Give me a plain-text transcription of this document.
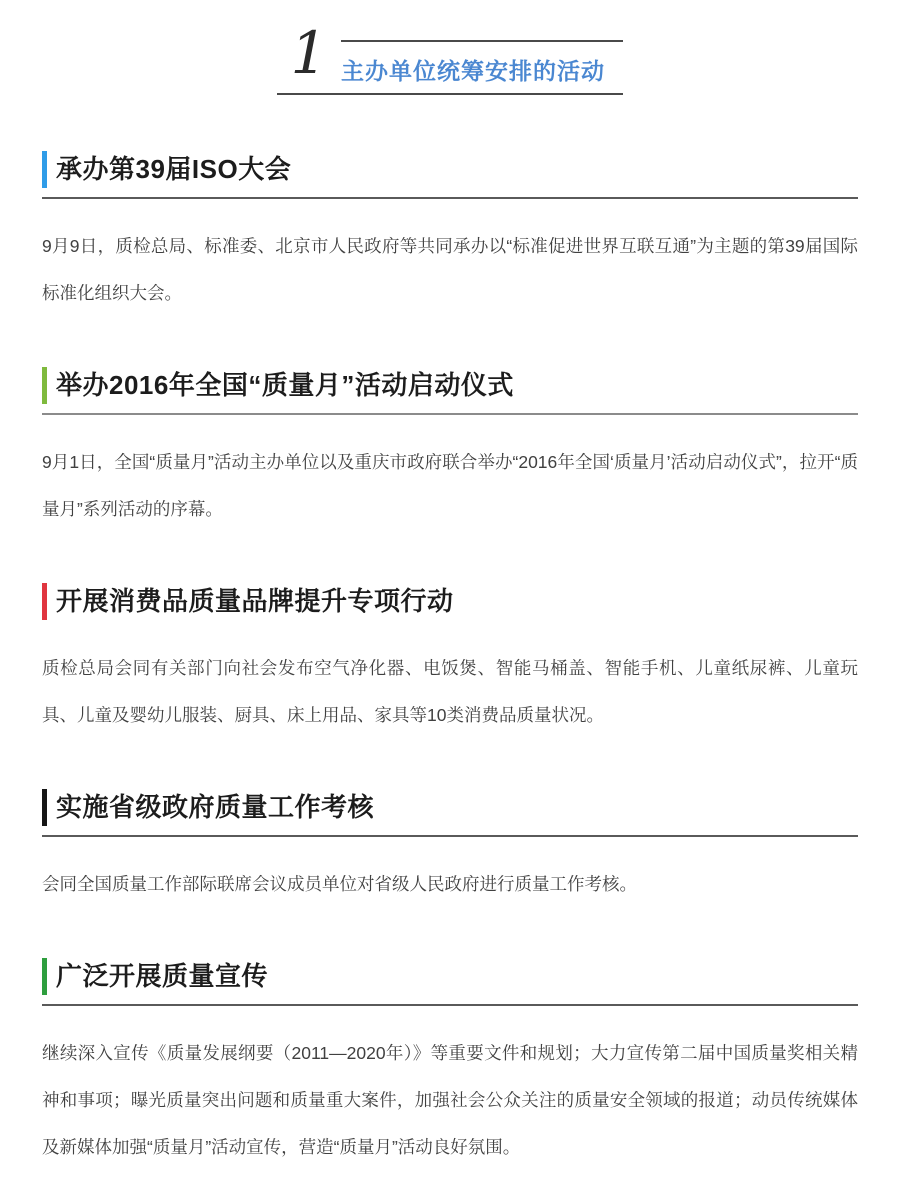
1 主办单位统筹安排的活动
承办第39届ISO大会

9月9日，质检总局、标准委、北京市人民政府等共同承办以“标准促进世界互联互通”为主题的第39届国际标准化组织大会。

举办2016年全国“质量月”活动启动仪式

9月1日，全国“质量月”活动主办单位以及重庆市政府联合举办“2016年全国‘质量月’活动启动仪式”，拉开“质量月”系列活动的序幕。

开展消费品质量品牌提升专项行动

质检总局会同有关部门向社会发布空气净化器、电饭煲、智能马桶盖、智能手机、儿童纸尿裤、儿童玩具、儿童及婴幼儿服装、厨具、床上用品、家具等10类消费品质量状况。

实施省级政府质量工作考核

会同全国质量工作部际联席会议成员单位对省级人民政府进行质量工作考核。

广泛开展质量宣传

继续深入宣传《质量发展纲要（2011—2020年）》等重要文件和规划；大力宣传第二届中国质量奖相关精神和事项；曝光质量突出问题和质量重大案件，加强社会公众关注的质量安全领域的报道；动员传统媒体及新媒体加强“质量月”活动宣传，营造“质量月”活动良好氛围。
